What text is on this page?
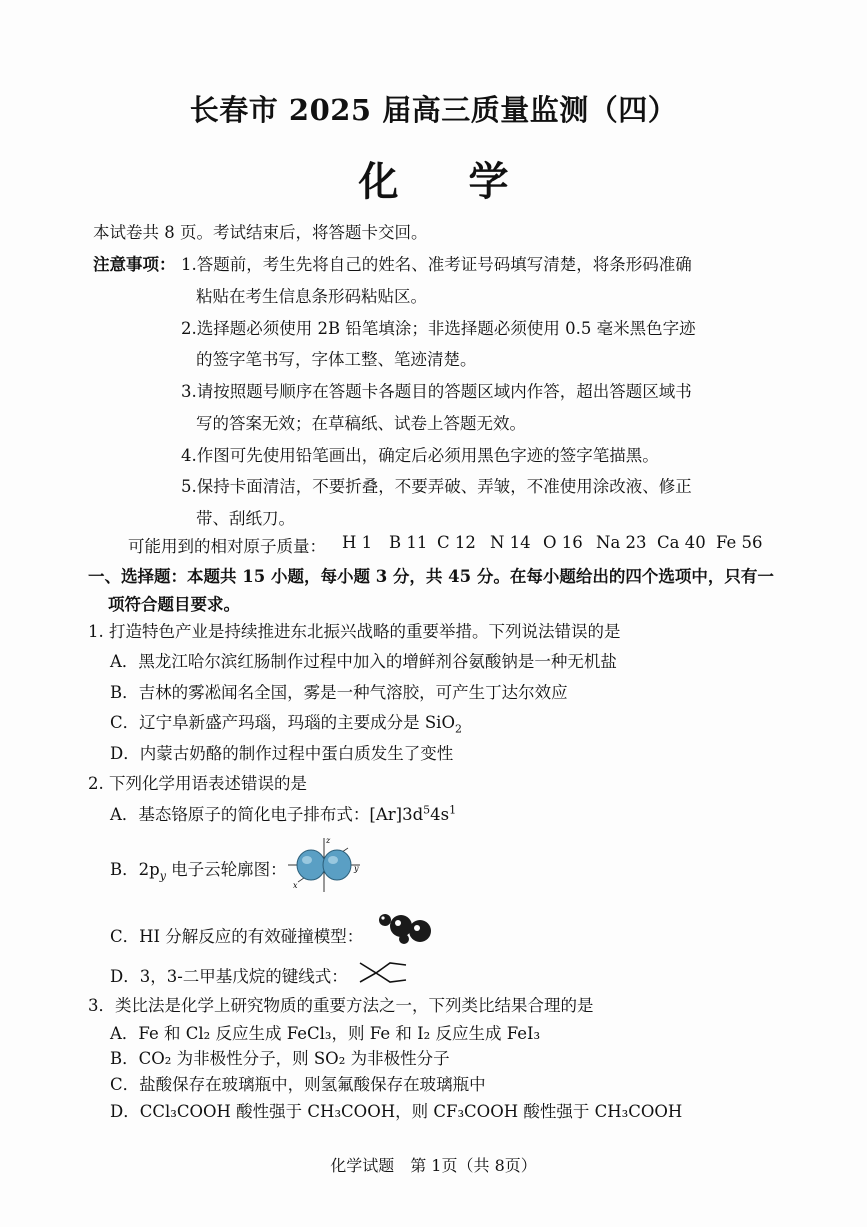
长春市 2025 届高三质量监测（四）
化 学
本试卷共 8 页。考试结束后，将答题卡交回。
注意事项： 1.答题前，考生先将自己的姓名、准考证号码填写清楚，将条形码准确
粘贴在考生信息条形码粘贴区。
2.选择题必须使用 2B 铅笔填涂；非选择题必须使用 0.5 毫米黑色字迹
的签字笔书写，字体工整、笔迹清楚。
3.请按照题号顺序在答题卡各题目的答题区域内作答，超出答题区域书
写的答案无效；在草稿纸、试卷上答题无效。
4.作图可先使用铅笔画出，确定后必须用黑色字迹的签字笔描黑。
5.保持卡面清洁，不要折叠，不要弄破、弄皱，不准使用涂改液、修正
带、刮纸刀。
可能用到的相对原子质量： H 1 B 11 C 12 N 14 O 16 Na 23 Ca 40 Fe 56
一、选择题：本题共 15 小题，每小题 3 分，共 45 分。在每小题给出的四个选项中，只有一
项符合题目要求。
1. 打造特色产业是持续推进东北振兴战略的重要举措。下列说法错误的是
A．黑龙江哈尔滨红肠制作过程中加入的增鲜剂谷氨酸钠是一种无机盐
B．吉林的雾凇闻名全国，雾是一种气溶胶，可产生丁达尔效应
C．辽宁阜新盛产玛瑙，玛瑙的主要成分是 SiO$_2$
D．内蒙古奶酪的制作过程中蛋白质发生了变性
2. 下列化学用语表述错误的是
A．基态铬原子的简化电子排布式：$[Ar]3d^54s^1$
B．$2p_y$ 电子云轮廓图：
z
y
x
C．HI 分解反应的有效碰撞模型：
D．3，3-二甲基戊烷的键线式：
3．类比法是化学上研究物质的重要方法之一，下列类比结果合理的是
A．Fe 和 Cl₂ 反应生成 FeCl₃，则 Fe 和 I₂ 反应生成 FeI₃
B．CO₂ 为非极性分子，则 SO₂ 为非极性分子
C．盐酸保存在玻璃瓶中，则氢氟酸保存在玻璃瓶中
D．CCl₃COOH 酸性强于 CH₃COOH，则 CF₃COOH 酸性强于 CH₃COOH
化学试题　第 1页（共 8页）
